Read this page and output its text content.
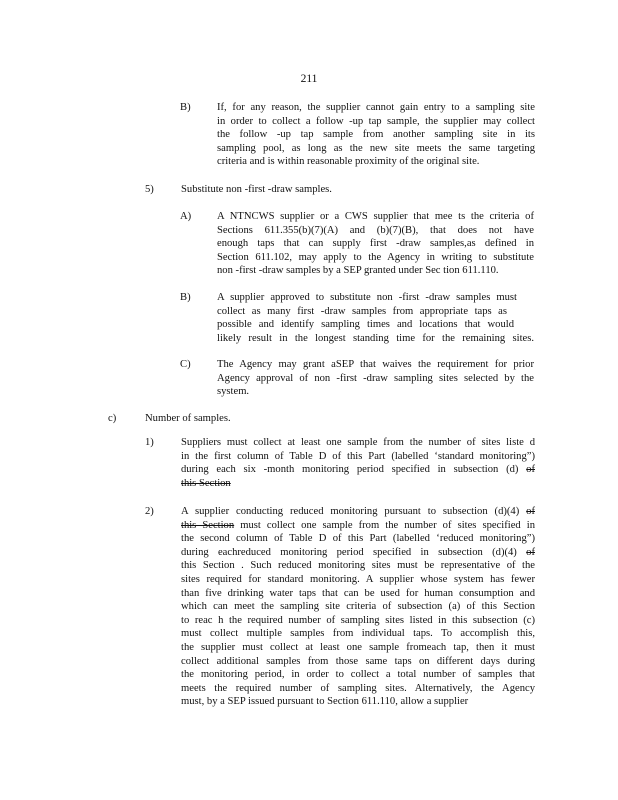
211
B) If, for any reason, the supplier cannot gain entry to a sampling site
in order to collect a follow -up tap sample, the supplier may collect
the follow -up tap sample from another sampling site in its
sampling pool, as long as the new site meets the same targeting
criteria and is within reasonable proximity of the original site.
5)	Substitute non -first -draw samples.
A) A NTNCWS supplier or a CWS supplier that mee ts the criteria of
Sections 611.355(b)(7)(A) and (b)(7)(B), that does not have
enough taps that can supply first -draw samples,as defined in
Section 611.102, may apply to the Agency in writing to substitute
non -first -draw samples by a SEP granted under Sec tion 611.110.
B) A supplier approved to substitute non -first -draw samples must
collect as many first -draw samples from appropriate taps as
possible and identify sampling times and locations that would
likely result in the longest standing time for the remaining sites.
C) The Agency may grant aSEP that waives the requirement for prior
Agency approval of non -first -draw sampling sites selected by the
system.
c)	Number of samples.
1)	Suppliers must collect at least one sample from the number of sites liste d
in the first column of Table D of this Part (labelled ‘standard monitoring”)
during each six -month monitoring period specified in subsection (d) of
this Section
2)	A supplier conducting reduced monitoring pursuant to subsection (d)(4) of
this Section must collect one sample from the number of sites specified in
the second column of Table D of this Part (labelled ‘reduced monitoring”)
during eachreduced monitoring period specified in subsection (d)(4) of
this Section . Such reduced monitoring sites must be representative of the
sites required for standard monitoring. A supplier whose system has fewer
than five drinking water taps that can be used for human consumption and
which can meet the sampling site criteria of subsection (a) of this Section
to reac h the required number of sampling sites listed in this subsection (c)
must collect multiple samples from individual taps. To accomplish this,
the supplier must collect at least one sample fromeach tap, then it must
collect additional samples from those same taps on different days during
the monitoring period, in order to collect a total number of samples that
meets the required number of sampling sites. Alternatively, the Agency
must, by a SEP issued pursuant to Section 611.110, allow a supplier
